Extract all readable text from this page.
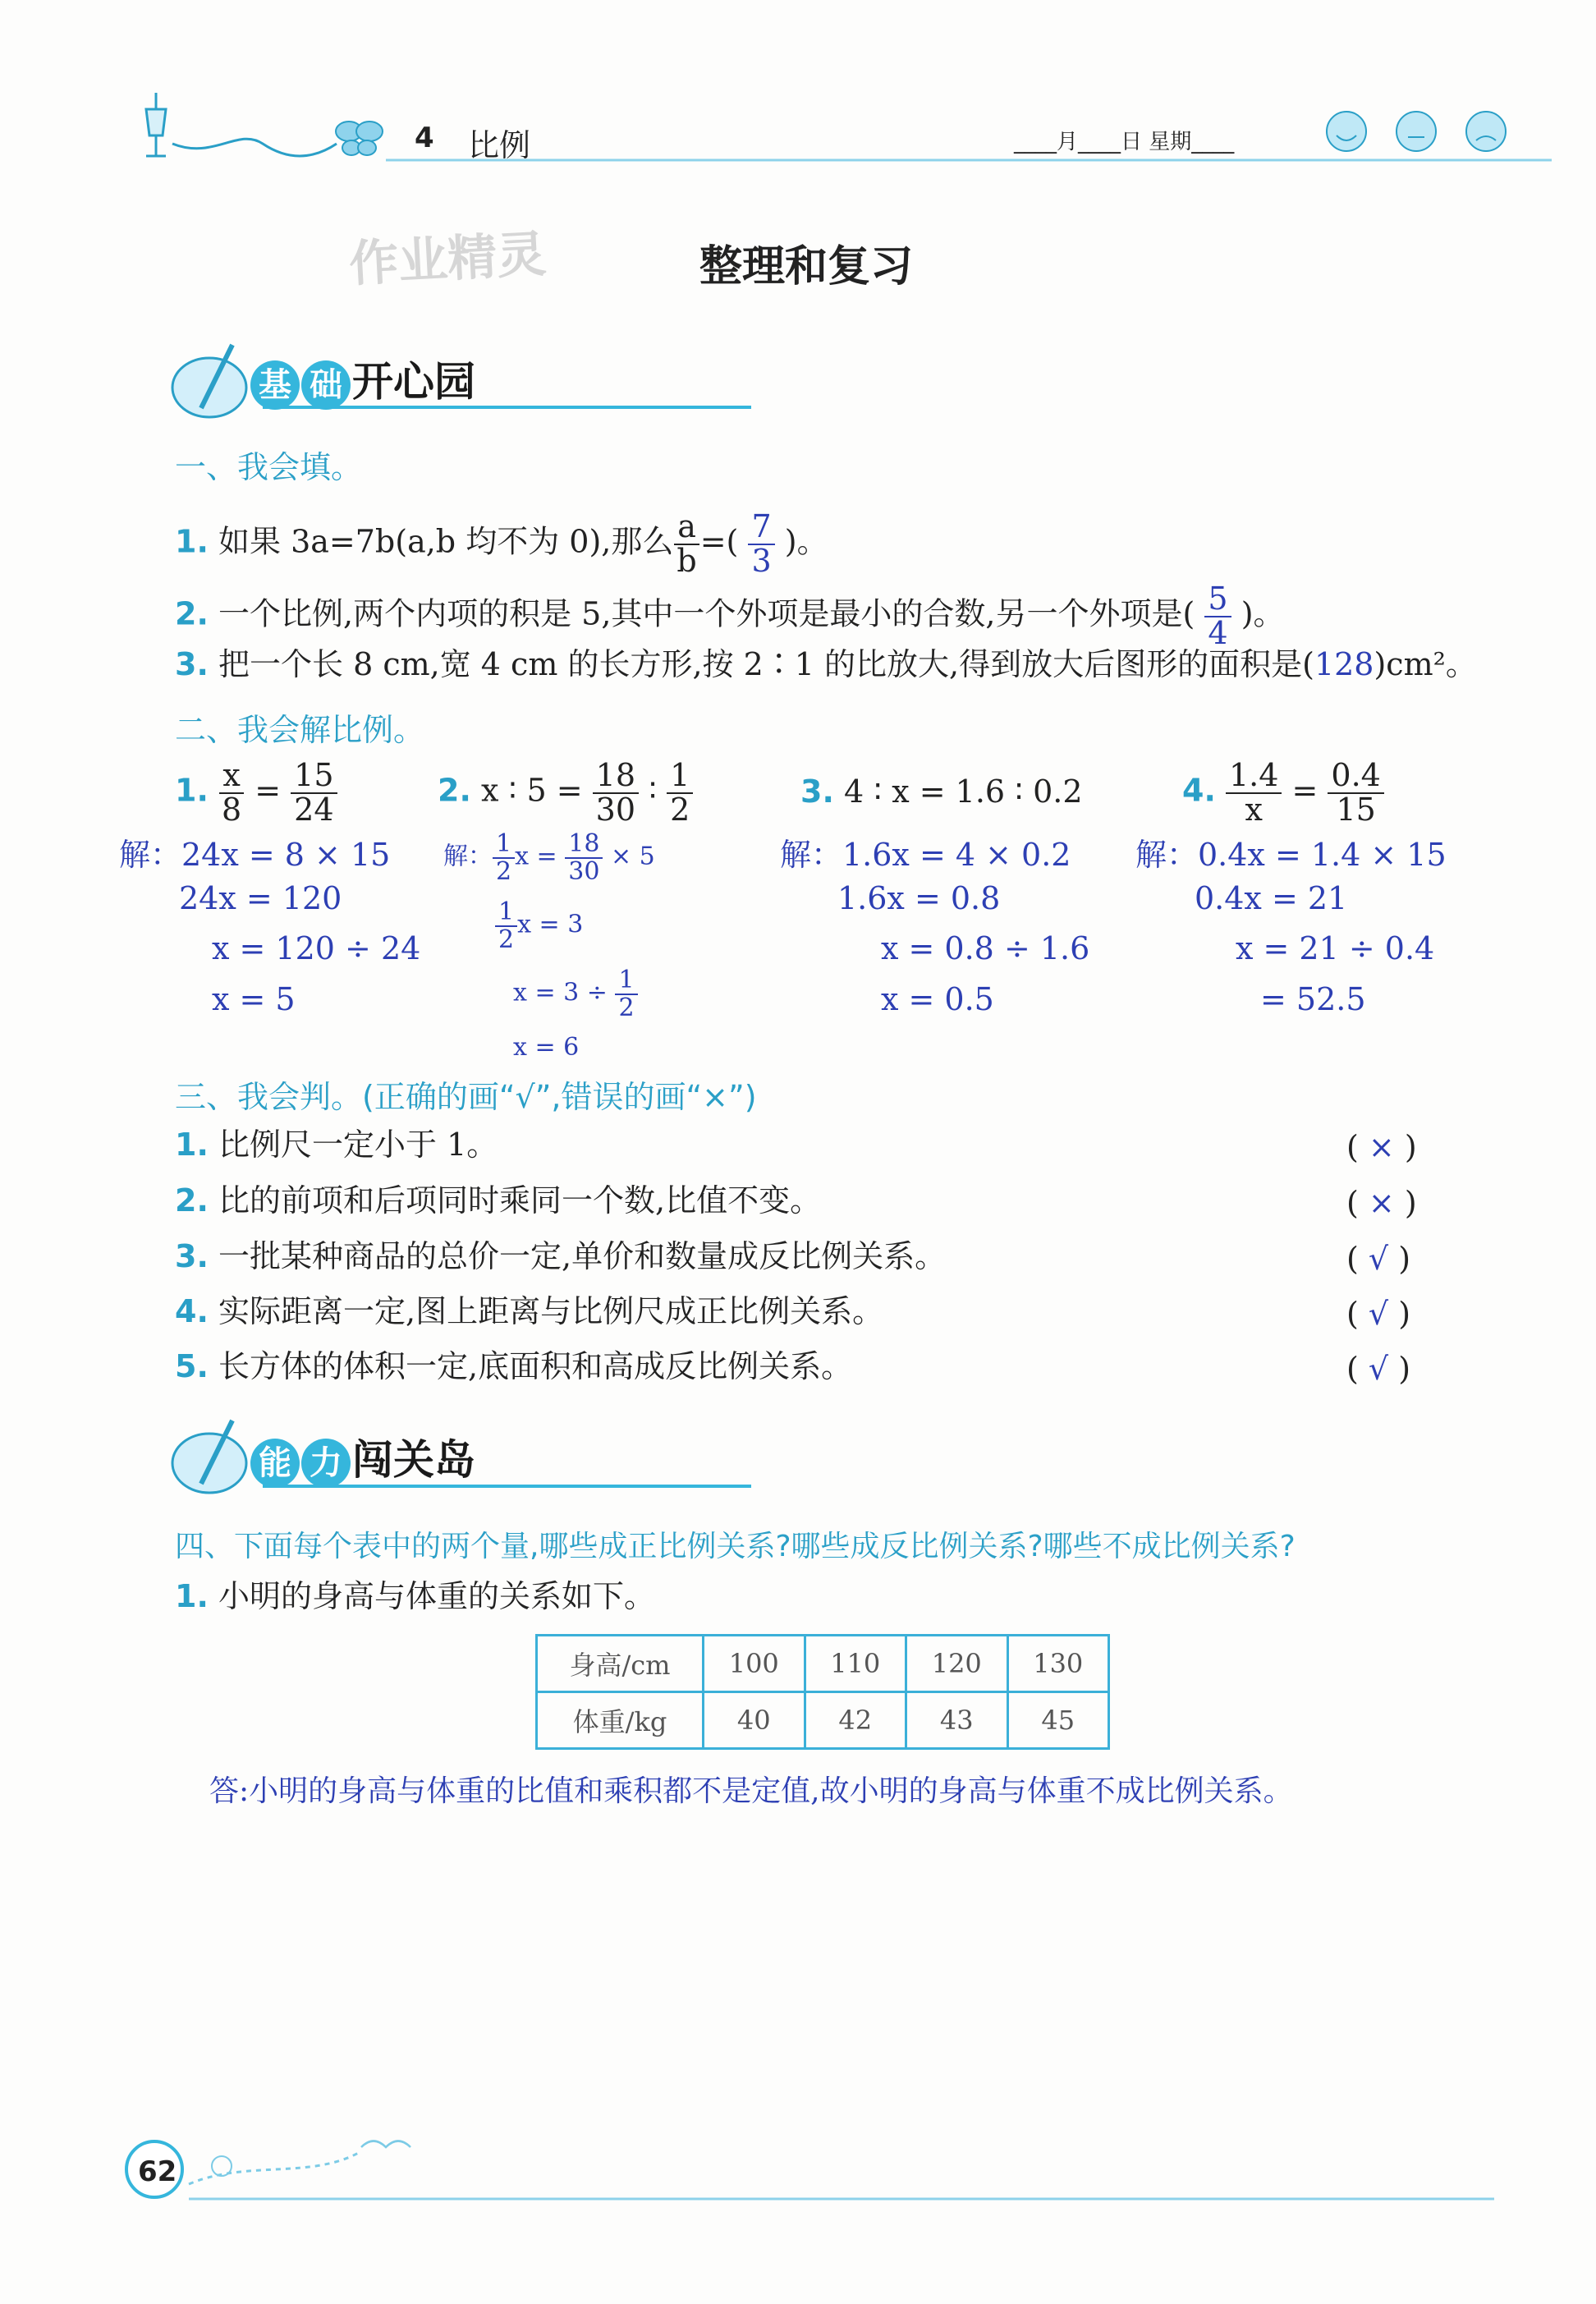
4 比例	____月____日 星期____
作业精灵	整理和复习
基 础 开心园
一、我会填。
1. 如果 3a=7b(a,b 均不为 0),那么 $\frac{a}{b}$ =( $\frac{7}{3}$ )。
2. 一个比例,两个内项的积是 5,其中一个外项是最小的合数,另一个外项是( $\frac{5}{4}$ )。
3. 把一个长 8 cm,宽 4 cm 的长方形,按 2∶1 的比放大,得到放大后图形的面积是(128)cm²。
二、我会解比例。
1. $\frac{x}{8} = \frac{15}{24}$
解：24x = 8 × 15
24x = 120
x = 120 ÷ 24
x = 5
2. x ∶ $5 = \frac{18}{30}$ ∶ $\frac{1}{2}$
解： $\frac{1}{2}$ $x = \frac{18}{30} \times 5$
$\frac{1}{2}$ x = 3
$x = 3 \div \frac{1}{2}$
x = 6
3. 4 ∶ x = 1.6 ∶ 0.2
解：1.6x = 4 × 0.2
1.6x = 0.8
x = 0.8 ÷ 1.6
x = 0.5
4. $\frac{1.4}{x} = \frac{0.4}{15}$
解：0.4x = 1.4 × 15
0.4x = 21
x = 21 ÷ 0.4
= 52.5
三、我会判。(正确的画“√”,错误的画“×”)
1. 比例尺一定小于 1。	( × )
2. 比的前项和后项同时乘同一个数,比值不变。	( × )
3. 一批某种商品的总价一定,单价和数量成反比例关系。	( √ )
4. 实际距离一定,图上距离与比例尺成正比例关系。	( √ )
5. 长方体的体积一定,底面积和高成反比例关系。	( √ )
能 力 闯关岛
四、下面每个表中的两个量,哪些成正比例关系?哪些成反比例关系?哪些不成比例关系?
1. 小明的身高与体重的关系如下。
身高/cm	100	110	120	130
体重/kg	40	42	43	45
答:小明的身高与体重的比值和乘积都不是定值,故小明的身高与体重不成比例关系。
62
